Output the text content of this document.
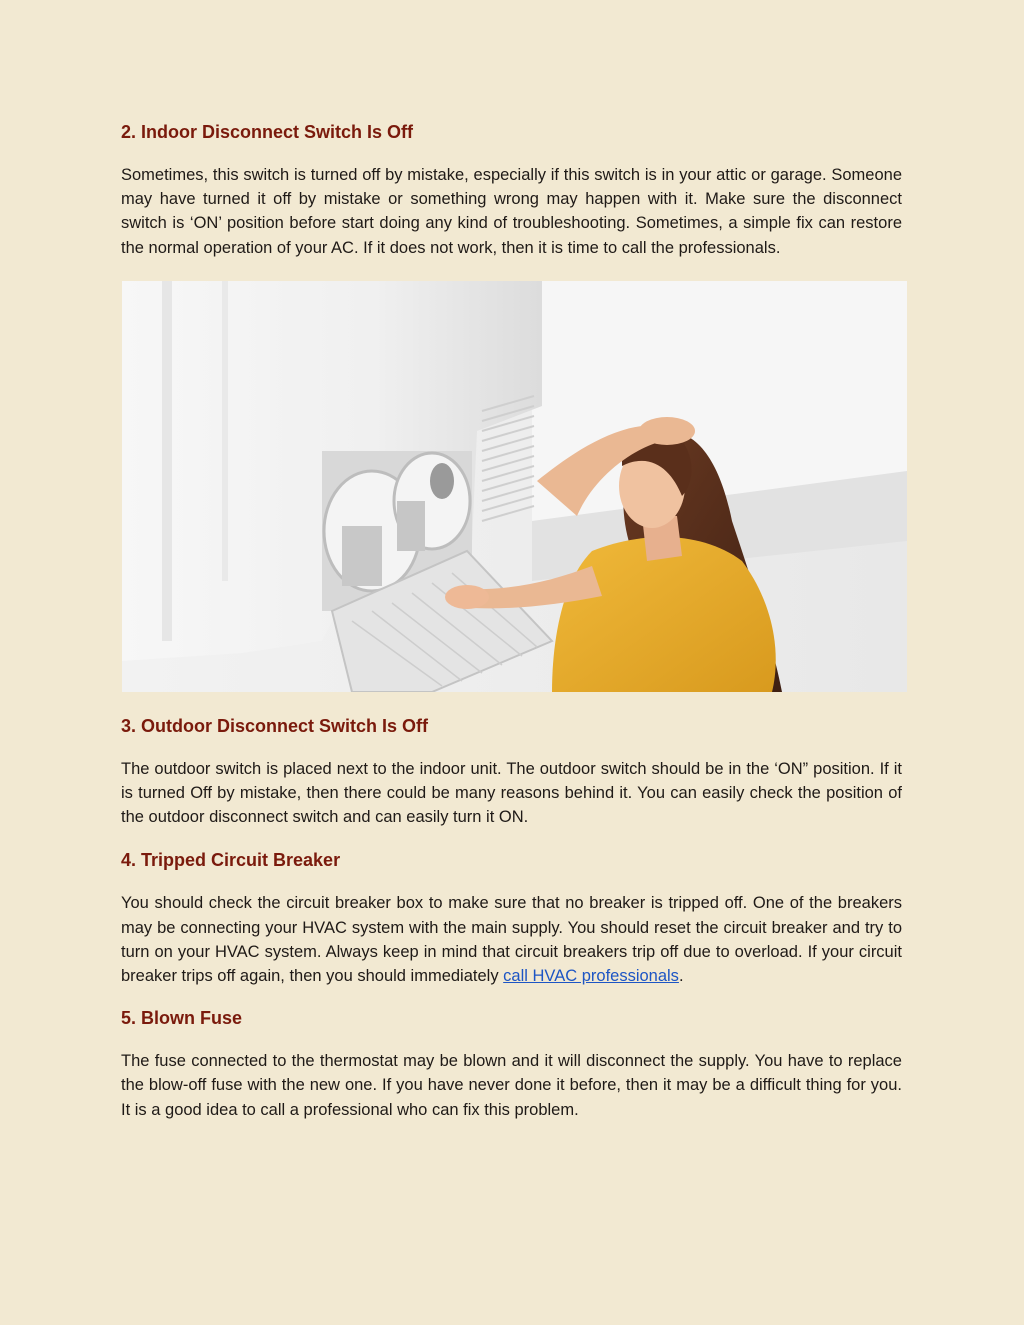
2. Indoor Disconnect Switch Is Off

Sometimes, this switch is turned off by mistake, especially if this switch is in your attic or garage. Someone may have turned it off by mistake or something wrong may happen with it. Make sure the disconnect switch is ‘ON’ position before start doing any kind of troubleshooting. Sometimes, a simple fix can restore the normal operation of your AC. If it does not work, then it is time to call the professionals.

3. Outdoor Disconnect Switch Is Off

The outdoor switch is placed next to the indoor unit. The outdoor switch should be in the ‘ON” position. If it is turned Off by mistake, then there could be many reasons behind it. You can easily check the position of the outdoor disconnect switch and can easily turn it ON.

4. Tripped Circuit Breaker

You should check the circuit breaker box to make sure that no breaker is tripped off. One of the breakers may be connecting your HVAC system with the main supply. You should reset the circuit breaker and try to turn on your HVAC system. Always keep in mind that circuit breakers trip off due to overload. If your circuit breaker trips off again, then you should immediately call HVAC professionals.

5. Blown Fuse

The fuse connected to the thermostat may be blown and it will disconnect the supply. You have to replace the blow-off fuse with the new one. If you have never done it before, then it may be a difficult thing for you. It is a good idea to call a professional who can fix this problem.
